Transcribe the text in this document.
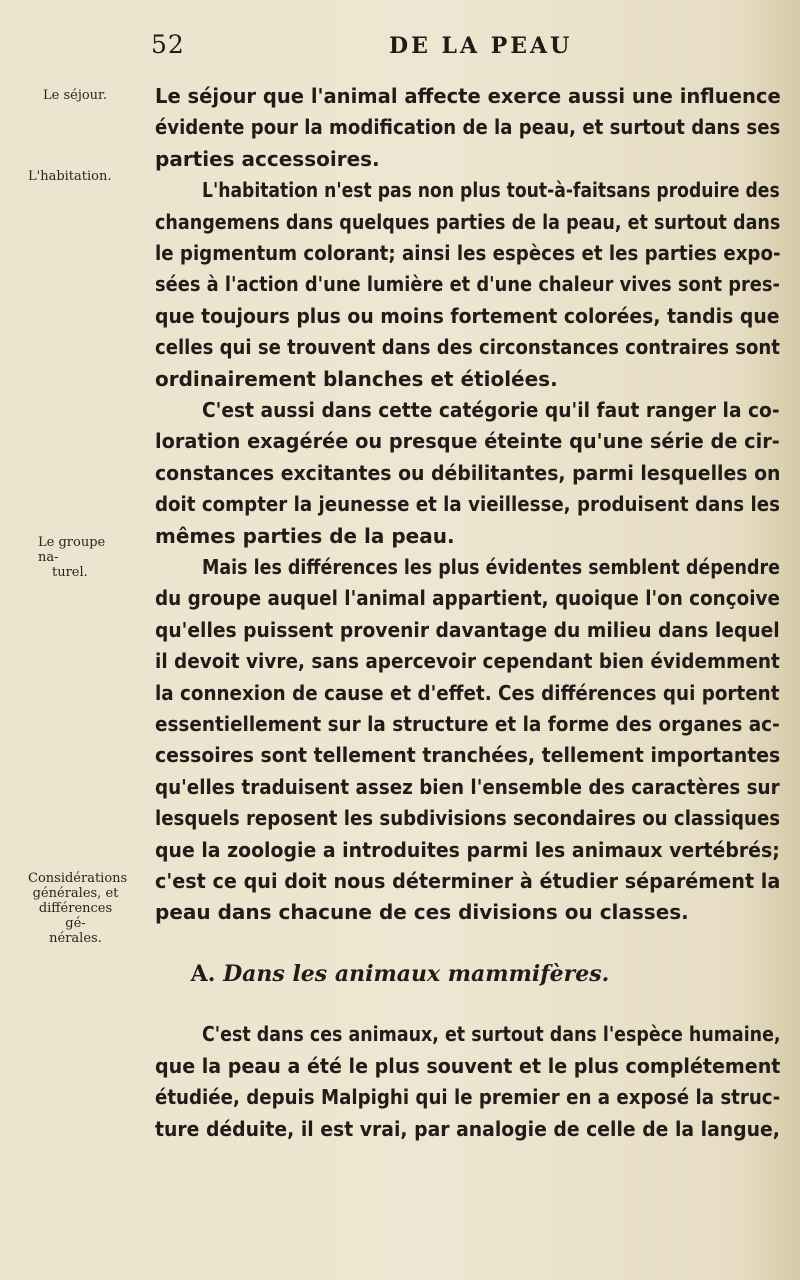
52	DE LA PEAU
Le séjour.
L'habitation.
Le groupe na-
turel.
Considérations
générales, et
différences gé-
nérales.
Le séjour que l'animal affecte exerce aussi une influence
évidente pour la modification de la peau, et surtout dans ses
parties accessoires.
L'habitation n'est pas non plus tout-à-faitsans produire des
changemens dans quelques parties de la peau, et surtout dans
le pigmentum colorant; ainsi les espèces et les parties expo-
sées à l'action d'une lumière et d'une chaleur vives sont pres-
que toujours plus ou moins fortement colorées, tandis que
celles qui se trouvent dans des circonstances contraires sont
ordinairement blanches et étiolées.
C'est aussi dans cette catégorie qu'il faut ranger la co-
loration exagérée ou presque éteinte qu'une série de cir-
constances excitantes ou débilitantes, parmi lesquelles on
doit compter la jeunesse et la vieillesse, produisent dans les
mêmes parties de la peau.
Mais les différences les plus évidentes semblent dépendre
du groupe auquel l'animal appartient, quoique l'on conçoive
qu'elles puissent provenir davantage du milieu dans lequel
il devoit vivre, sans apercevoir cependant bien évidemment
la connexion de cause et d'effet. Ces différences qui portent
essentiellement sur la structure et la forme des organes ac-
cessoires sont tellement tranchées, tellement importantes
qu'elles traduisent assez bien l'ensemble des caractères sur
lesquels reposent les subdivisions secondaires ou classiques
que la zoologie a introduites parmi les animaux vertébrés;
c'est ce qui doit nous déterminer à étudier séparément la
peau dans chacune de ces divisions ou classes.
A. Dans les animaux mammifères.
C'est dans ces animaux, et surtout dans l'espèce humaine,
que la peau a été le plus souvent et le plus complétement
étudiée, depuis Malpighi qui le premier en a exposé la struc-
ture déduite, il est vrai, par analogie de celle de la langue,
